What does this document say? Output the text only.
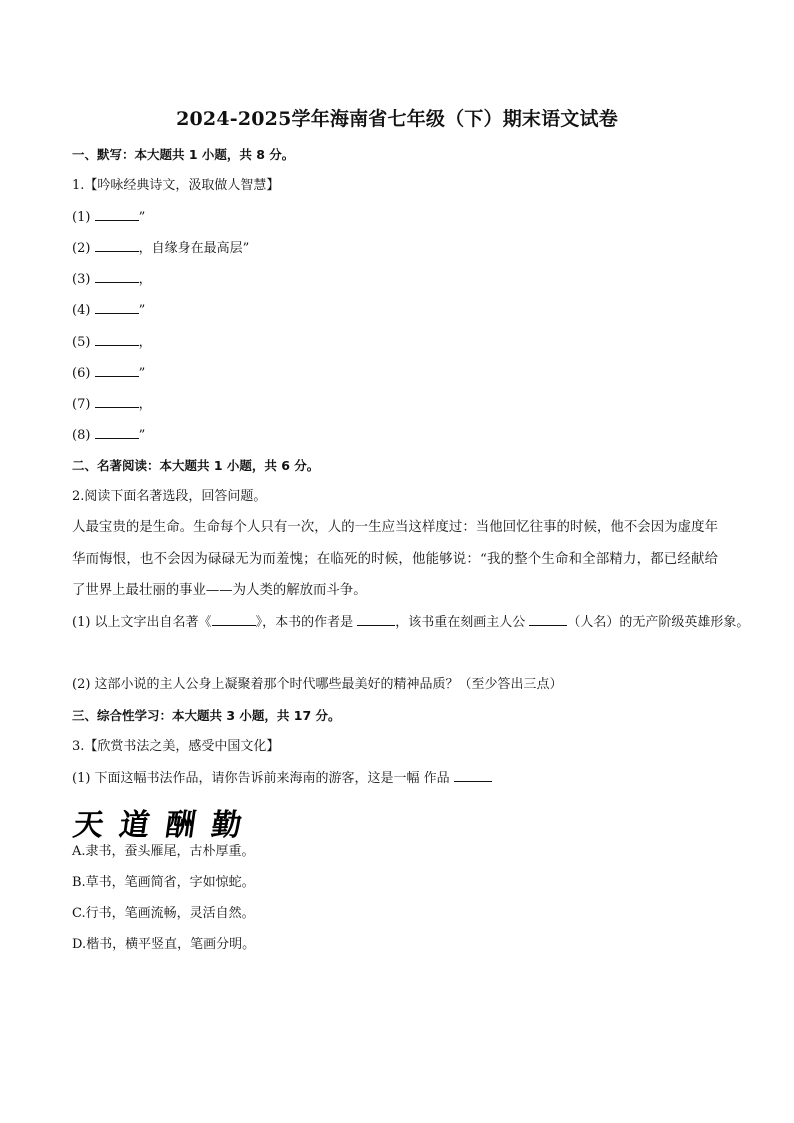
2024-2025学年海南省七年级（下）期末语文试卷
一、默写：本大题共 1 小题，共 8 分。
1.【吟咏经典诗文，汲取做人智慧】
(1)	”
(2)	，自缘身在最高层”
(3)	，
(4)	”
(5)	，
(6)	”
(7)	，
(8)	”
二、名著阅读：本大题共 1 小题，共 6 分。
2.阅读下面名著选段，回答问题。
人最宝贵的是生命。生命每个人只有一次，人的一生应当这样度过：当他回忆往事的时候，他不会因为虚度年华而悔恨，也不会因为碌碌无为而羞愧；在临死的时候，他能够说：“我的整个生命和全部精力，都已经献给了世界上最壮丽的事业——为人类的解放而斗争。
(1) 以上文字出自名著《	》，本书的作者是	，该书重在刻画主人公	（人名）的无产阶级英雄形象。
(2) 这部小说的主人公身上凝聚着那个时代哪些最美好的精神品质？（至少答出三点）
三、综合性学习：本大题共 3 小题，共 17 分。
3.【欣赏书法之美，感受中国文化】
(1) 下面这幅书法作品，请你告诉前来海南的游客，这是一幅 作品
天 道 酬 勤
A.隶书，蚕头雁尾，古朴厚重。
B.草书，笔画简省，字如惊蛇。
C.行书，笔画流畅，灵活自然。
D.楷书，横平竖直，笔画分明。
